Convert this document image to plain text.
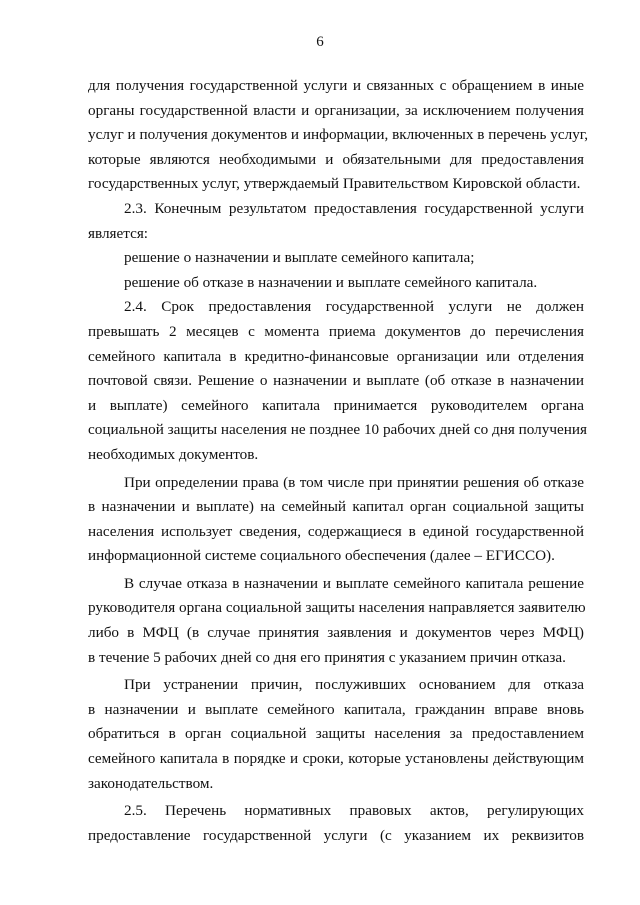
6
для получения государственной услуги и связанных с обращением в иные
органы государственной власти и организации, за исключением получения
услуг и получения документов и информации, включенных в перечень услуг,
которые являются необходимыми и обязательными для предоставления
государственных услуг, утверждаемый Правительством Кировской области.
2.3. Конечным результатом предоставления государственной услуги
является:
решение о назначении и выплате семейного капитала;
решение об отказе в назначении и выплате семейного капитала.
2.4. Срок предоставления государственной услуги не должен
превышать 2 месяцев с момента приема документов до перечисления
семейного капитала в кредитно-финансовые организации или отделения
почтовой связи. Решение о назначении и выплате (об отказе в назначении
и выплате) семейного капитала принимается руководителем органа
социальной защиты населения не позднее 10 рабочих дней со дня получения
необходимых документов.
При определении права (в том числе при принятии решения об отказе
в назначении и выплате) на семейный капитал орган социальной защиты
населения использует сведения, содержащиеся в единой государственной
информационной системе социального обеспечения (далее – ЕГИССО).
В случае отказа в назначении и выплате семейного капитала решение
руководителя органа социальной защиты населения направляется заявителю
либо в МФЦ (в случае принятия заявления и документов через МФЦ)
в течение 5 рабочих дней со дня его принятия с указанием причин отказа.
При устранении причин, послуживших основанием для отказа
в назначении и выплате семейного капитала, гражданин вправе вновь
обратиться в орган социальной защиты населения за предоставлением
семейного капитала в порядке и сроки, которые установлены действующим
законодательством.
2.5. Перечень нормативных правовых актов, регулирующих
предоставление государственной услуги (с указанием их реквизитов
